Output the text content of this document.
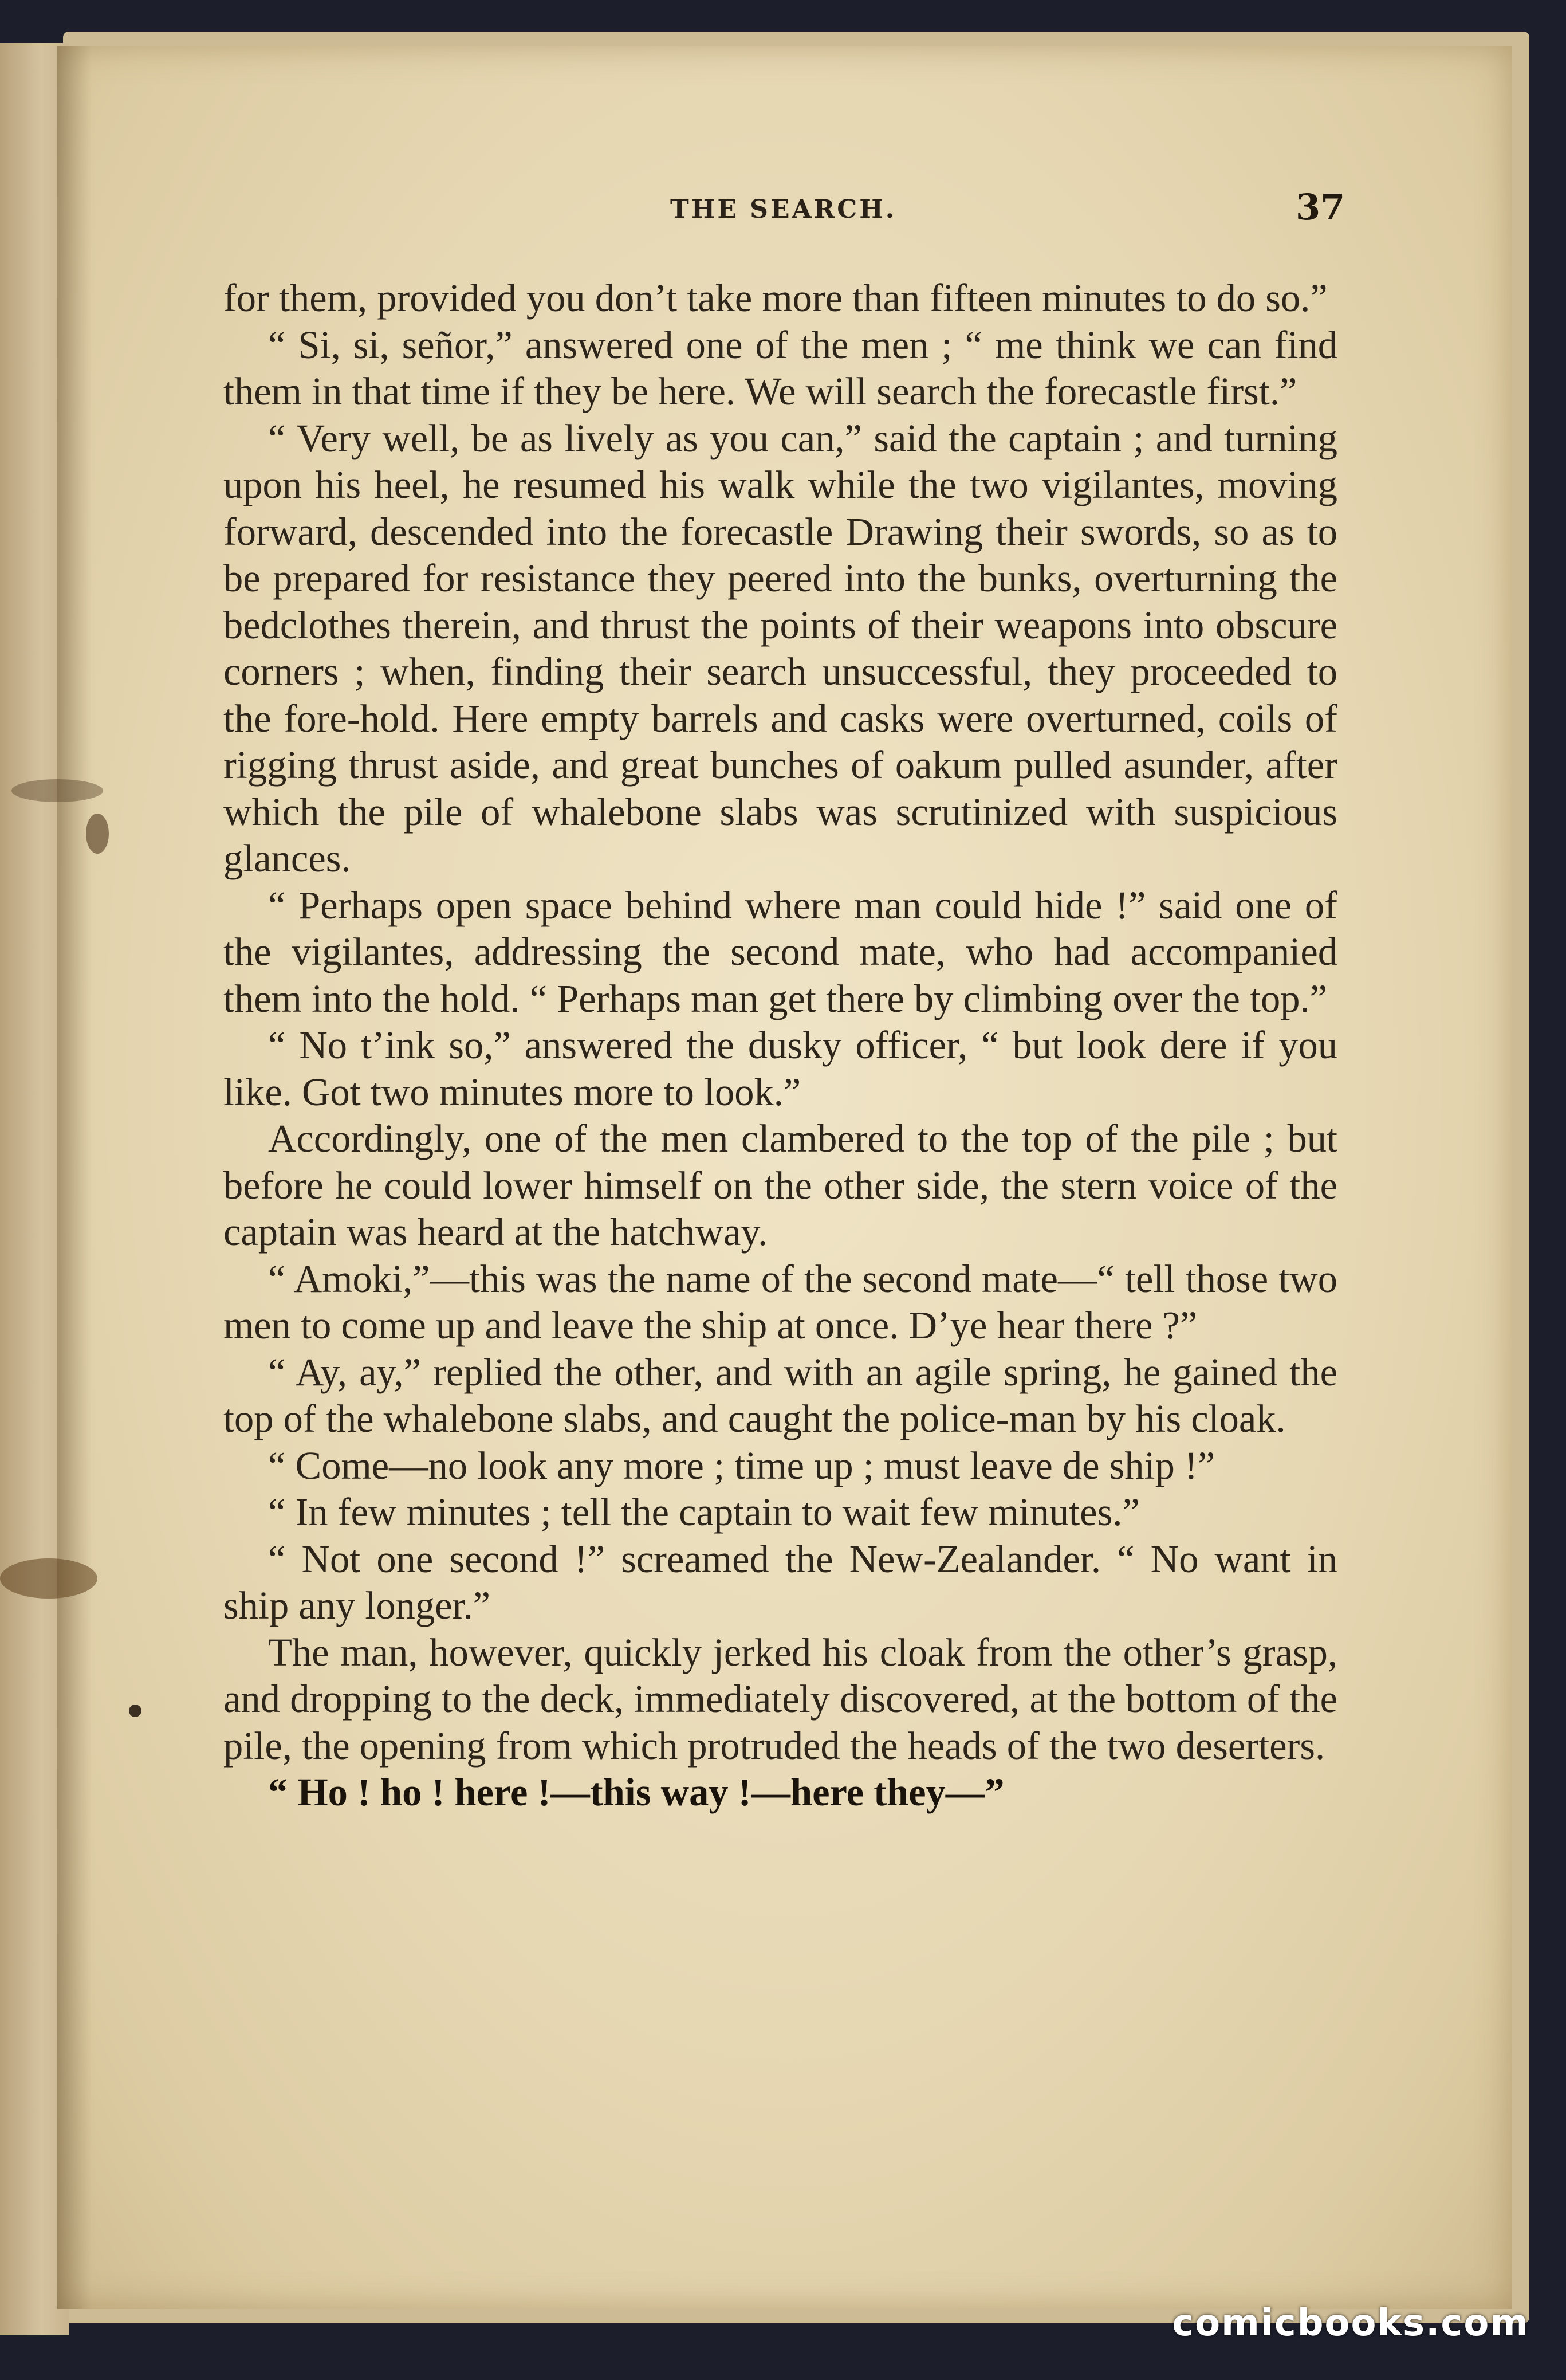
THE SEARCH.	37

for them, provided you don’t take more than fifteen minutes to do so.”

“ Si, si, señor,” answered one of the men ; “ me think we can find them in that time if they be here. We will search the forecastle first.”

“ Very well, be as lively as you can,” said the captain ; and turning upon his heel, he resumed his walk while the two vigilantes, moving forward, descended into the forecastle Drawing their swords, so as to be prepared for resistance they peered into the bunks, overturning the bedclothes therein, and thrust the points of their weapons into obscure corners ; when, finding their search unsuccessful, they proceeded to the fore-hold. Here empty barrels and casks were overturned, coils of rigging thrust aside, and great bunches of oakum pulled asunder, after which the pile of whalebone slabs was scrutinized with suspicious glances.

“ Perhaps open space behind where man could hide !” said one of the vigilantes, addressing the second mate, who had accompanied them into the hold. “ Perhaps man get there by climbing over the top.”

“ No t’ink so,” answered the dusky officer, “ but look dere if you like. Got two minutes more to look.”

Accordingly, one of the men clambered to the top of the pile ; but before he could lower himself on the other side, the stern voice of the captain was heard at the hatchway.

“ Amoki,”—this was the name of the second mate—“ tell those two men to come up and leave the ship at once. D’ye hear there ?”

“ Ay, ay,” replied the other, and with an agile spring, he gained the top of the whalebone slabs, and caught the police-man by his cloak.

“ Come—no look any more ; time up ; must leave de ship !”

“ In few minutes ; tell the captain to wait few minutes.”

“ Not one second !” screamed the New-Zealander. “ No want in ship any longer.”

The man, however, quickly jerked his cloak from the other’s grasp, and dropping to the deck, immediately discovered, at the bottom of the pile, the opening from which protruded the heads of the two deserters.

“ Ho ! ho ! here !—this way !—here they—”

comicbooks.com
